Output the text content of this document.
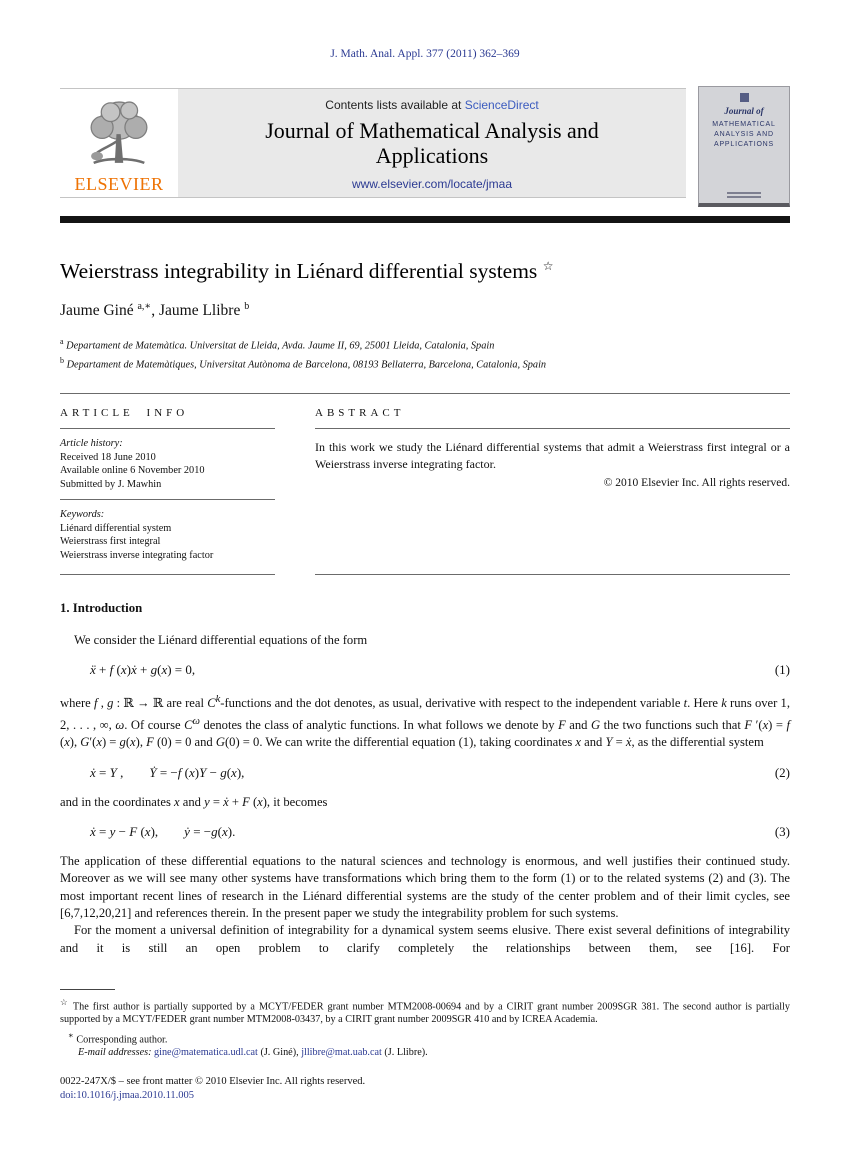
J. Math. Anal. Appl. 377 (2011) 362–369
ELSEVIER
Contents lists available at ScienceDirect
Journal of Mathematical Analysis and Applications
www.elsevier.com/locate/jmaa
Journal of
MATHEMATICAL
ANALYSIS AND
APPLICATIONS
Weierstrass integrability in Liénard differential systems ☆
Jaume Giné $^{a,∗}$, Jaume Llibre $^b$
$^a$ Departament de Matemàtica. Universitat de Lleida, Avda. Jaume II, 69, 25001 Lleida, Catalonia, Spain
$^b$ Departament de Matemàtiques, Universitat Autònoma de Barcelona, 08193 Bellaterra, Barcelona, Catalonia, Spain
ARTICLE INFO
Article history:
Received 18 June 2010
Available online 6 November 2010
Submitted by J. Mawhin
Keywords:
Liénard differential system
Weierstrass first integral
Weierstrass inverse integrating factor
ABSTRACT
In this work we study the Liénard differential systems that admit a Weierstrass first integral or a Weierstrass inverse integrating factor.
© 2010 Elsevier Inc. All rights reserved.
1. Introduction
We consider the Liénard differential equations of the form
ẍ + f (x)ẋ + g(x) = 0,	(1)
where f , g : ℝ → ℝ are real $C^k$-functions and the dot denotes, as usual, derivative with respect to the independent variable t. Here k runs over 1, 2, . . . , ∞, ω. Of course $C^\omega$ denotes the class of analytic functions. In what follows we denote by F and G the two functions such that F ′(x) = f (x), G′(x) = g(x), F (0) = 0 and G(0) = 0. We can write the differential equation (1), taking coordinates x and Y = ẋ, as the differential system
ẋ = Y ,  Ẏ = −f (x)Y − g(x),	(2)
and in the coordinates x and y = ẋ + F (x), it becomes
ẋ = y − F (x),  ẏ = −g(x).	(3)
The application of these differential equations to the natural sciences and technology is enormous, and well justifies their continued study. Moreover as we will see many other systems have transformations which bring them to the form (1) or to the related systems (2) and (3). The most important recent lines of research in the Liénard differential systems are the study of the center problem and of their limit cycles, see [6,7,12,20,21] and references therein. In the present paper we study the integrability problem for such systems.
For the moment a universal definition of integrability for a dynamical system seems elusive. There exist several definitions of integrability and it is still an open problem to clarify completely the relationships between them, see [16]. For
☆ The first author is partially supported by a MCYT/FEDER grant number MTM2008-00694 and by a CIRIT grant number 2009SGR 381. The second author is partially supported by a MCYT/FEDER grant number MTM2008-03437, by a CIRIT grant number 2009SGR 410 and by ICREA Academia.
∗ Corresponding author.
E-mail addresses: gine@matematica.udl.cat (J. Giné), jllibre@mat.uab.cat (J. Llibre).
0022-247X/$ – see front matter © 2010 Elsevier Inc. All rights reserved.
doi:10.1016/j.jmaa.2010.11.005
